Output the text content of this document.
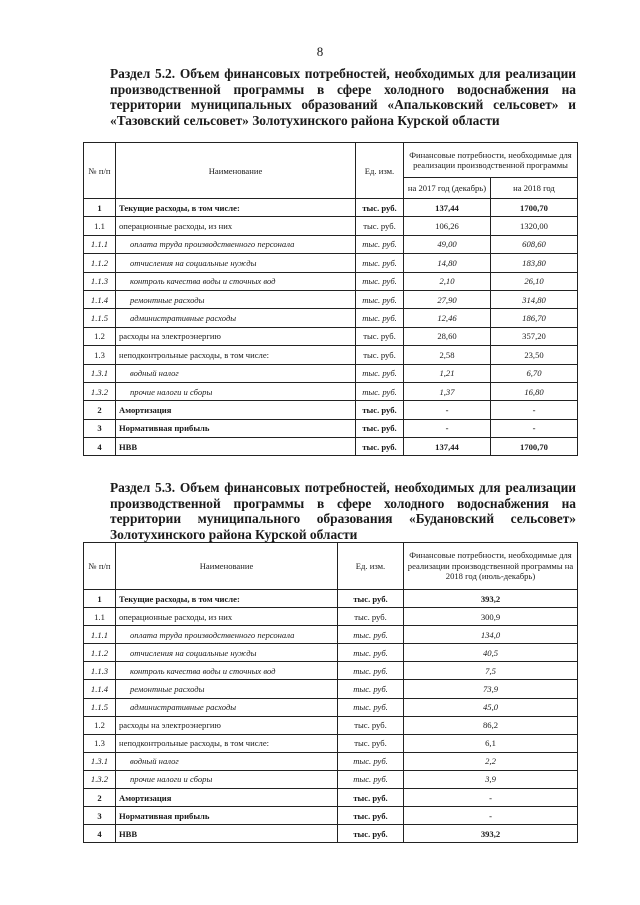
8
Раздел 5.2. Объем финансовых потребностей, необходимых для реализации производственной программы в сфере холодного водоснабжения на территории муниципальных образований «Апальковский сельсовет» и «Тазовский сельсовет» Золотухинского района Курской области
№ п/п	Наименование	Ед. изм.	Финансовые потребности, необходимые для реализации производственной программы	
			на 2017 год (декабрь)	на 2018 год
1	Текущие расходы, в том числе:	тыс. руб.	137,44	1700,70
1.1	операционные расходы, из них	тыс. руб.	106,26	1320,00
1.1.1	оплата труда производственного персонала	тыс. руб.	49,00	608,60
1.1.2	отчисления на социальные нужды	тыс. руб.	14,80	183,80
1.1.3	контроль качества воды и сточных вод	тыс. руб.	2,10	26,10
1.1.4	ремонтные расходы	тыс. руб.	27,90	314,80
1.1.5	административные расходы	тыс. руб.	12,46	186,70
1.2	расходы на электроэнергию	тыс. руб.	28,60	357,20
1.3	неподконтрольные расходы, в том числе:	тыс. руб.	2,58	23,50
1.3.1	водный налог	тыс. руб.	1,21	6,70
1.3.2	прочие налоги и сборы	тыс. руб.	1,37	16,80
2	Амортизация	тыс. руб.	-	-
3	Нормативная прибыль	тыс. руб.	-	-
4	НВВ	тыс. руб.	137,44	1700,70
Раздел 5.3. Объем финансовых потребностей, необходимых для реализации производственной программы в сфере холодного водоснабжения на территории муниципального образования «Будановский сельсовет» Золотухинского района Курской области
№ п/п	Наименование	Ед. изм.	Финансовые потребности, необходимые для реализации производственной программы на 2018 год (июль-декабрь)
1	Текущие расходы, в том числе:	тыс. руб.	393,2
1.1	операционные расходы, из них	тыс. руб.	300,9
1.1.1	оплата труда производственного персонала	тыс. руб.	134,0
1.1.2	отчисления на социальные нужды	тыс. руб.	40,5
1.1.3	контроль качества воды и сточных вод	тыс. руб.	7,5
1.1.4	ремонтные расходы	тыс. руб.	73,9
1.1.5	административные расходы	тыс. руб.	45,0
1.2	расходы на электроэнергию	тыс. руб.	86,2
1.3	неподконтрольные расходы, в том числе:	тыс. руб.	6,1
1.3.1	водный налог	тыс. руб.	2,2
1.3.2	прочие налоги и сборы	тыс. руб.	3,9
2	Амортизация	тыс. руб.	-
3	Нормативная прибыль	тыс. руб.	-
4	НВВ	тыс. руб.	393,2
